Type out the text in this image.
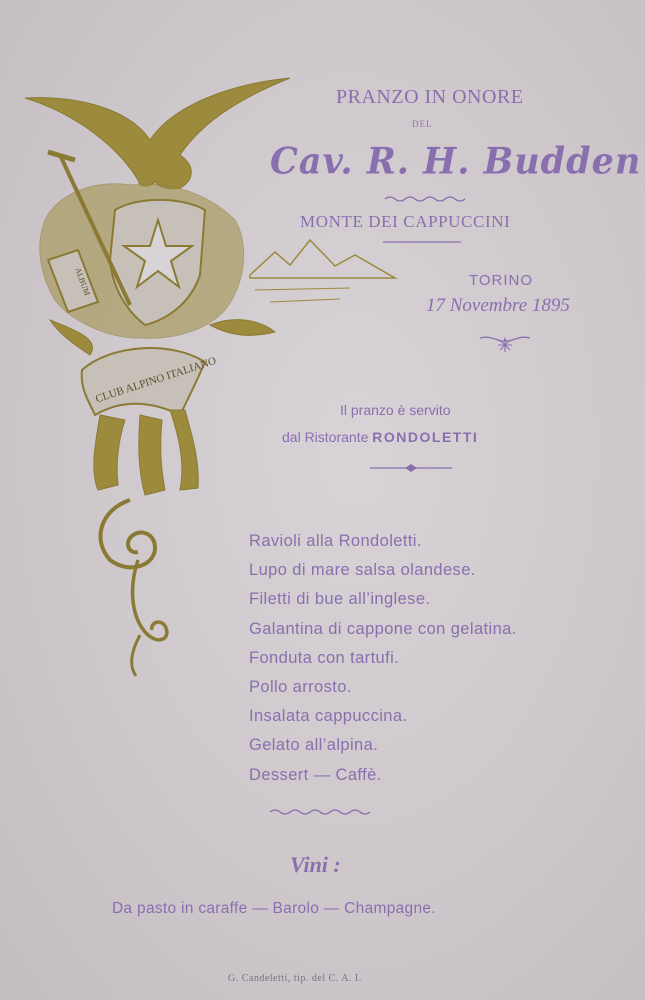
CLUB ALPINO ITALIANO
ALBUM
PRANZO IN ONORE
DEL
Cav. R. H. Budden
MONTE DEI CAPPUCCINI
TORINO
17 Novembre 1895
Il pranzo è servito
dal Ristorante RONDOLETTI
Ravioli alla Rondoletti.
Lupo di mare salsa olandese.
Filetti di bue all’inglese.
Galantina di cappone con gelatina.
Fonduta con tartufi.
Pollo arrosto.
Insalata cappuccina.
Gelato all’alpina.
Dessert — Caffè.
Vini :
Da pasto in caraffe — Barolo — Champagne.
G. Candeletti, tip. del C. A. I.
